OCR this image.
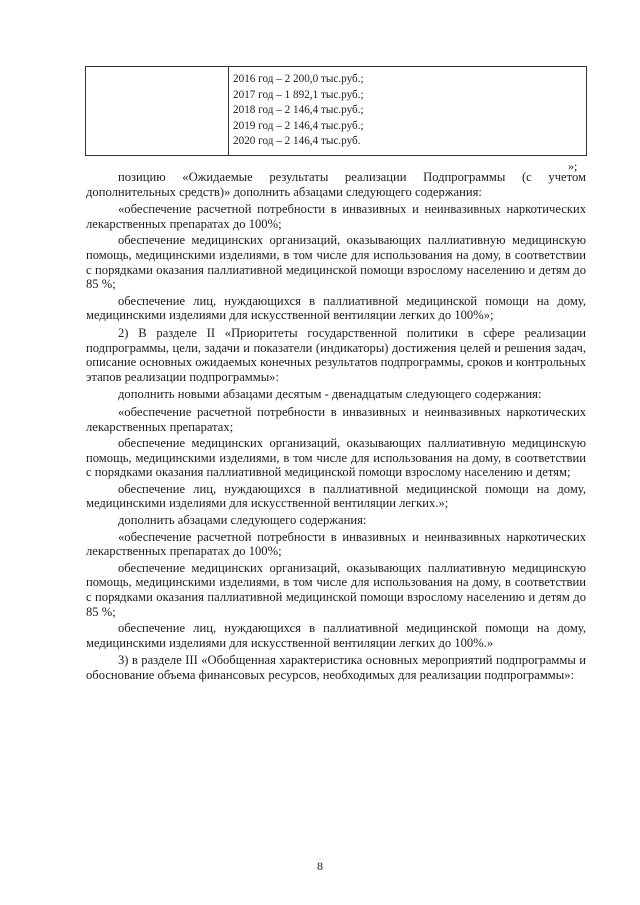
2016 год – 2 200,0 тыс.руб.;
2017 год – 1 892,1 тыс.руб.;
2018 год – 2 146,4 тыс.руб.;
2019 год – 2 146,4 тыс.руб.;
2020 год – 2 146,4 тыс.руб.
»;

позицию «Ожидаемые результаты реализации Подпрограммы (с учетом дополнительных средств)» дополнить абзацами следующего содержания:

«обеспечение расчетной потребности в инвазивных и неинвазивных наркотических лекарственных препаратах до 100%;

обеспечение медицинских организаций, оказывающих паллиативную медицинскую помощь, медицинскими изделиями, в том числе для использования на дому, в соответствии с порядками оказания паллиативной медицинской помощи взрослому населению и детям до 85 %;

обеспечение лиц, нуждающихся в паллиативной медицинской помощи на дому, медицинскими изделиями для искусственной вентиляции легких до 100%»;

2) В разделе II «Приоритеты государственной политики в сфере реализации подпрограммы, цели, задачи и показатели (индикаторы) достижения целей и решения задач, описание основных ожидаемых конечных результатов подпрограммы, сроков и контрольных этапов реализации подпрограммы»:

дополнить новыми абзацами десятым - двенадцатым следующего содержания:

«обеспечение расчетной потребности в инвазивных и неинвазивных наркотических лекарственных препаратах;

обеспечение медицинских организаций, оказывающих паллиативную медицинскую помощь, медицинскими изделиями, в том числе для использования на дому, в соответствии с порядками оказания паллиативной медицинской помощи взрослому населению и детям;

обеспечение лиц, нуждающихся в паллиативной медицинской помощи на дому, медицинскими изделиями для искусственной вентиляции легких.»;

дополнить абзацами следующего содержания:

«обеспечение расчетной потребности в инвазивных и неинвазивных наркотических лекарственных препаратах до 100%;

обеспечение медицинских организаций, оказывающих паллиативную медицинскую помощь, медицинскими изделиями, в том числе для использования на дому, в соответствии с порядками оказания паллиативной медицинской помощи взрослому населению и детям до 85 %;

обеспечение лиц, нуждающихся в паллиативной медицинской помощи на дому, медицинскими изделиями для искусственной вентиляции легких до 100%.»

3) в разделе III «Обобщенная характеристика основных мероприятий подпрограммы и обоснование объема финансовых ресурсов, необходимых для реализации подпрограммы»:

8
